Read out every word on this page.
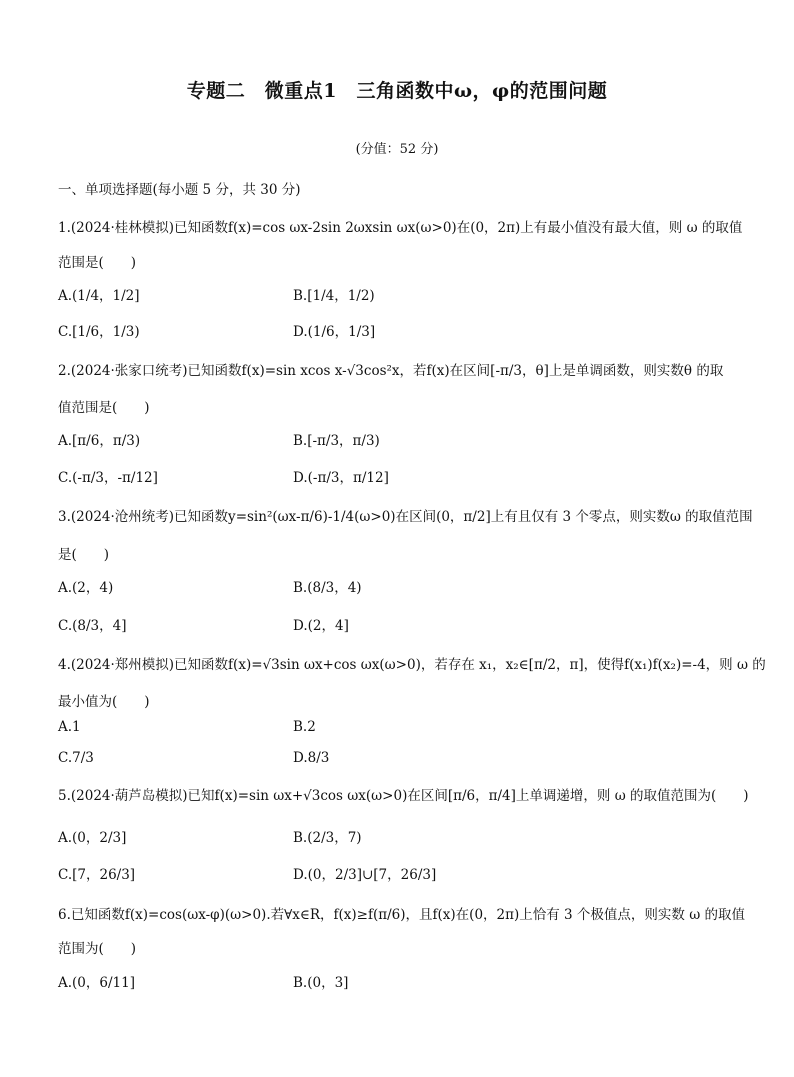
专题二　微重点1　三角函数中ω，φ的范围问题
(分值：52 分)
一、单项选择题(每小题 5 分，共 30 分)
1.(2024·桂林模拟)已知函数f(x)=cos ωx-2sin 2ωxsin ωx(ω>0)在(0，2π)上有最小值没有最大值，则 ω 的取值
范围是(　　)
A.(1/4，1/2]	B.[1/4，1/2)
C.[1/6，1/3)	D.(1/6，1/3]
2.(2024·张家口统考)已知函数f(x)=sin xcos x-√3cos²x，若f(x)在区间[-π/3，θ]上是单调函数，则实数θ 的取
值范围是(　　)
A.[π/6，π/3)	B.[-π/3，π/3)
C.(-π/3，-π/12]	D.(-π/3，π/12]
3.(2024·沧州统考)已知函数y=sin²(ωx-π/6)-1/4(ω>0)在区间(0，π/2]上有且仅有 3 个零点，则实数ω 的取值范围
是(　　)
A.(2，4)	B.(8/3，4)
C.(8/3，4]	D.(2，4]
4.(2024·郑州模拟)已知函数f(x)=√3sin ωx+cos ωx(ω>0)，若存在 x₁，x₂∈[π/2，π]，使得f(x₁)f(x₂)=-4，则 ω 的
最小值为(　　)
A.1	B.2
C.7/3	D.8/3
5.(2024·葫芦岛模拟)已知f(x)=sin ωx+√3cos ωx(ω>0)在区间[π/6，π/4]上单调递增，则 ω 的取值范围为(　　)
A.(0，2/3]	B.(2/3，7)
C.[7，26/3]	D.(0，2/3]∪[7，26/3]
6.已知函数f(x)=cos(ωx-φ)(ω>0).若∀x∈R，f(x)≥f(π/6)，且f(x)在(0，2π)上恰有 3 个极值点，则实数 ω 的取值
范围为(　　)
A.(0，6/11]	B.(0，3]
